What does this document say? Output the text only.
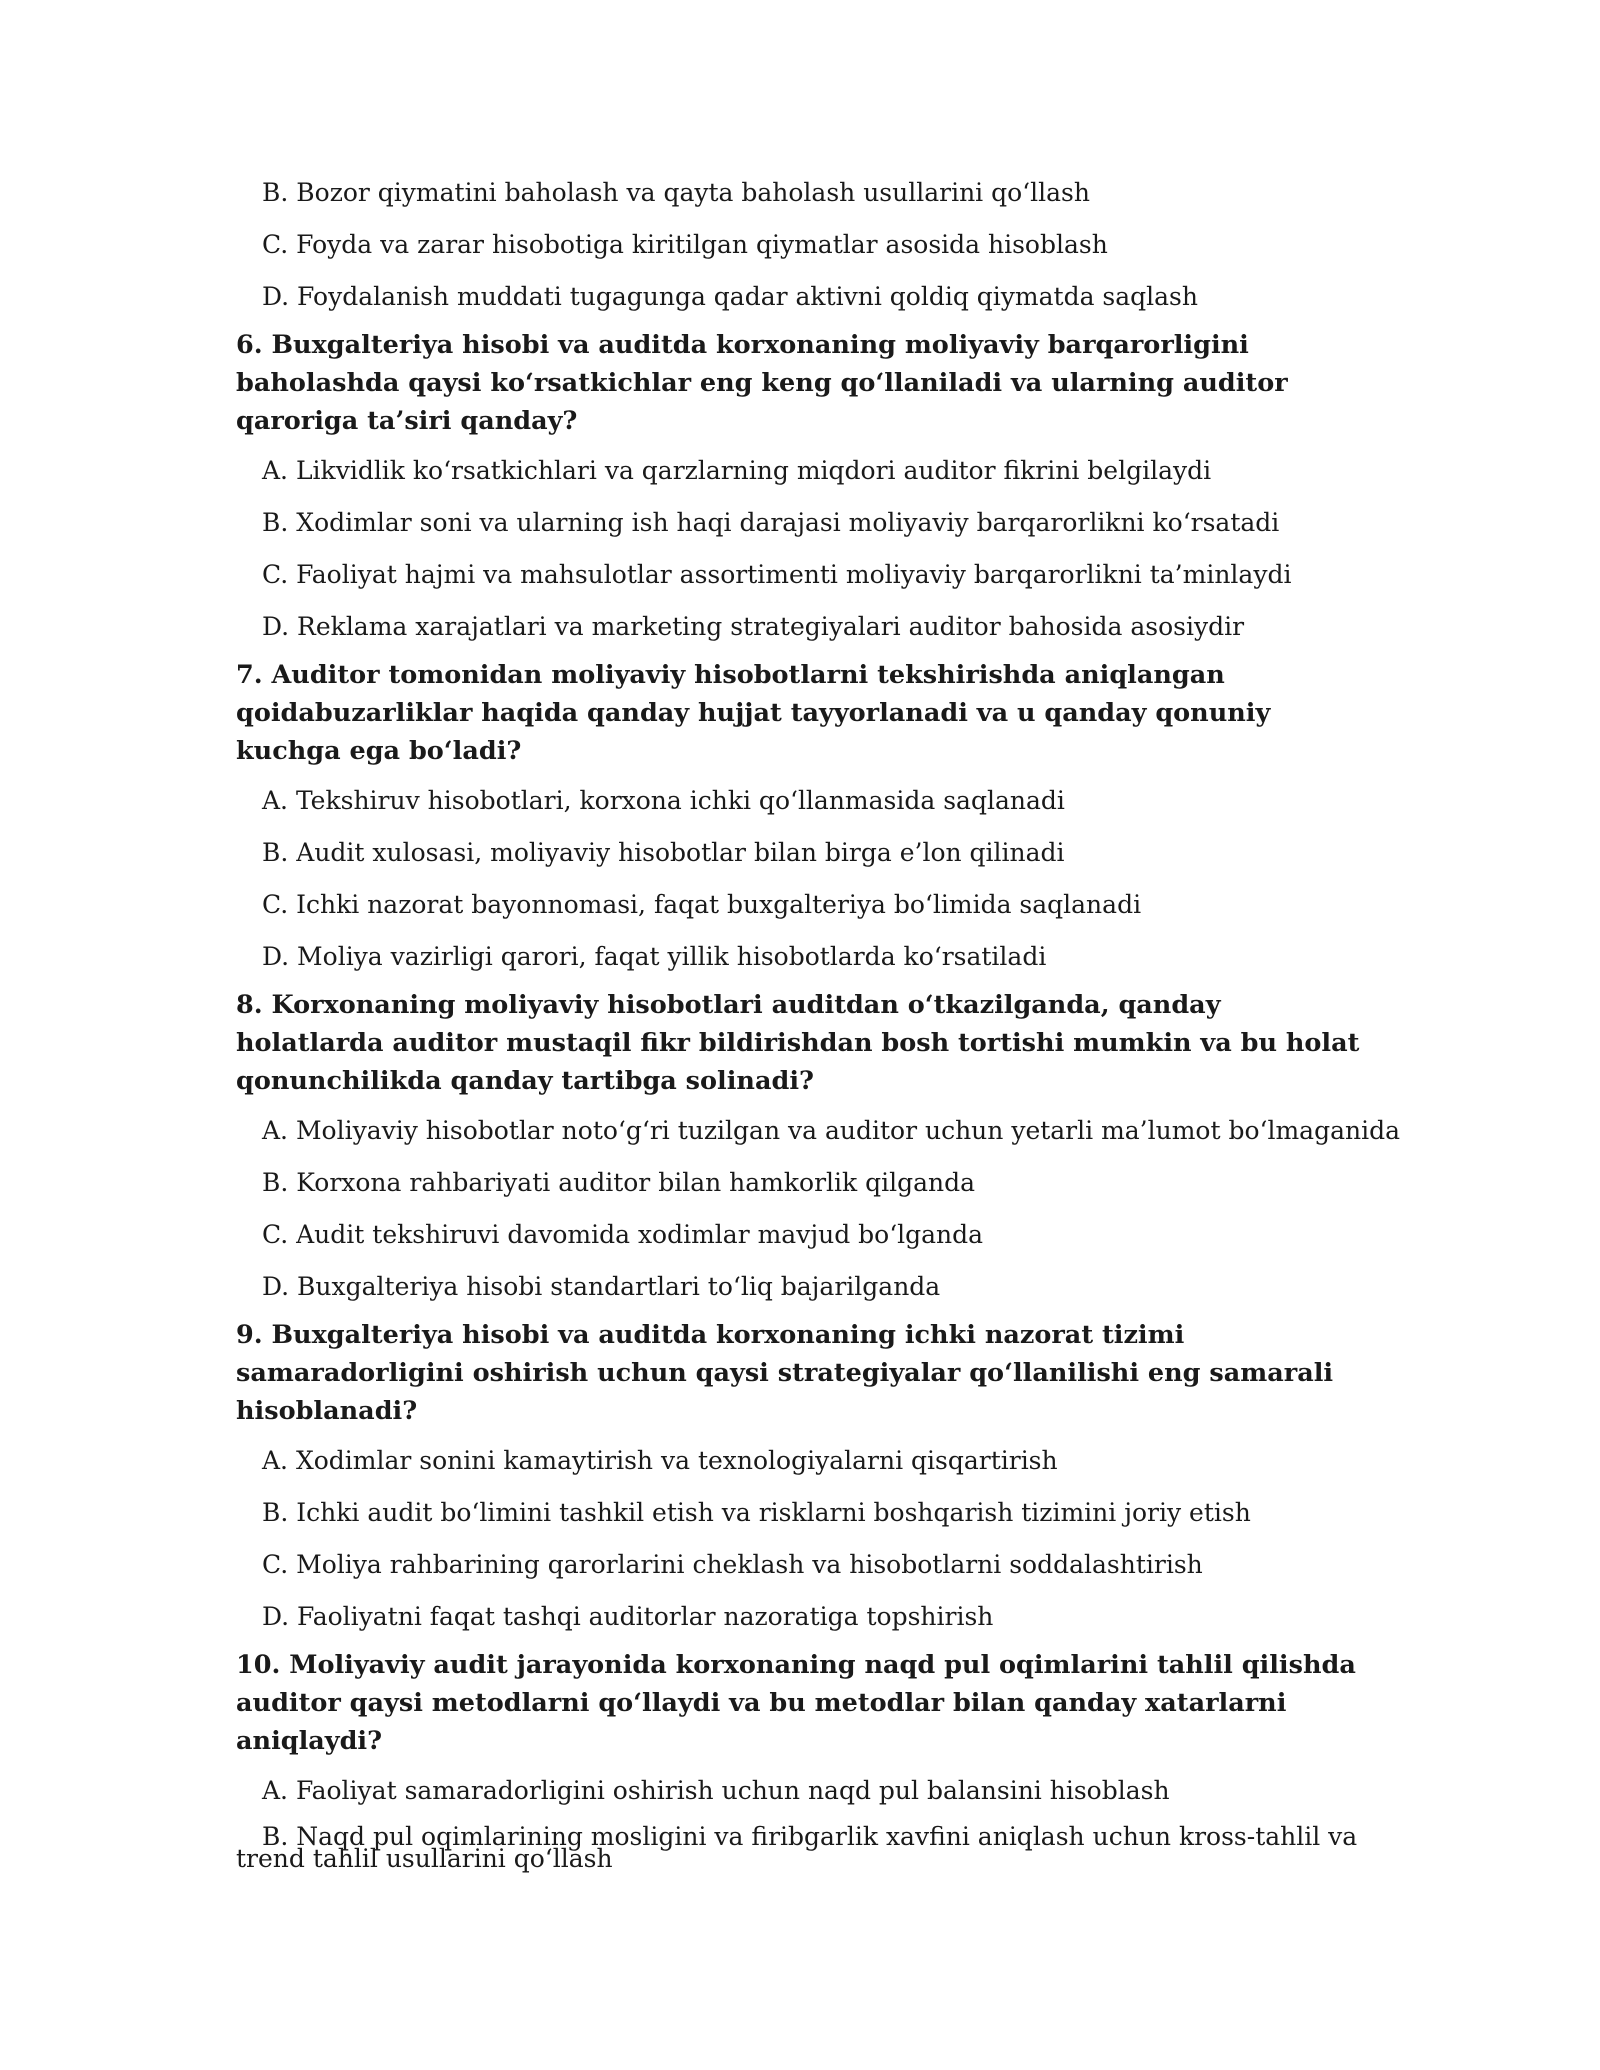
B. Bozor qiymatini baholash va qayta baholash usullarini qo‘llash
C. Foyda va zarar hisobotiga kiritilgan qiymatlar asosida hisoblash
D. Foydalanish muddati tugagunga qadar aktivni qoldiq qiymatda saqlash
6. Buxgalteriya hisobi va auditda korxonaning moliyaviy barqarorligini baholashda qaysi ko‘rsatkichlar eng keng qo‘llaniladi va ularning auditor qaroriga ta’siri qanday?
A. Likvidlik ko‘rsatkichlari va qarzlarning miqdori auditor fikrini belgilaydi
B. Xodimlar soni va ularning ish haqi darajasi moliyaviy barqarorlikni ko‘rsatadi
C. Faoliyat hajmi va mahsulotlar assortimenti moliyaviy barqarorlikni ta’minlaydi
D. Reklama xarajatlari va marketing strategiyalari auditor bahosida asosiydir
7. Auditor tomonidan moliyaviy hisobotlarni tekshirishda aniqlangan qoidabuzarliklar haqida qanday hujjat tayyorlanadi va u qanday qonuniy kuchga ega bo‘ladi?
A. Tekshiruv hisobotlari, korxona ichki qo‘llanmasida saqlanadi
B. Audit xulosasi, moliyaviy hisobotlar bilan birga e’lon qilinadi
C. Ichki nazorat bayonnomasi, faqat buxgalteriya bo‘limida saqlanadi
D. Moliya vazirligi qarori, faqat yillik hisobotlarda ko‘rsatiladi
8. Korxonaning moliyaviy hisobotlari auditdan o‘tkazilganda, qanday holatlarda auditor mustaqil fikr bildirishdan bosh tortishi mumkin va bu holat qonunchilikda qanday tartibga solinadi?
A. Moliyaviy hisobotlar noto‘g‘ri tuzilgan va auditor uchun yetarli ma’lumot bo‘lmaganida
B. Korxona rahbariyati auditor bilan hamkorlik qilganda
C. Audit tekshiruvi davomida xodimlar mavjud bo‘lganda
D. Buxgalteriya hisobi standartlari to‘liq bajarilganda
9. Buxgalteriya hisobi va auditda korxonaning ichki nazorat tizimi samaradorligini oshirish uchun qaysi strategiyalar qo‘llanilishi eng samarali hisoblanadi?
A. Xodimlar sonini kamaytirish va texnologiyalarni qisqartirish
B. Ichki audit bo‘limini tashkil etish va risklarni boshqarish tizimini joriy etish
C. Moliya rahbarining qarorlarini cheklash va hisobotlarni soddalashtirish
D. Faoliyatni faqat tashqi auditorlar nazoratiga topshirish
10. Moliyaviy audit jarayonida korxonaning naqd pul oqimlarini tahlil qilishda auditor qaysi metodlarni qo‘llaydi va bu metodlar bilan qanday xatarlarni aniqlaydi?
A. Faoliyat samaradorligini oshirish uchun naqd pul balansini hisoblash
B. Naqd pul oqimlarining mosligini va firibgarlik xavfini aniqlash uchun kross-tahlil va trend tahlil usullarini qo‘llash
